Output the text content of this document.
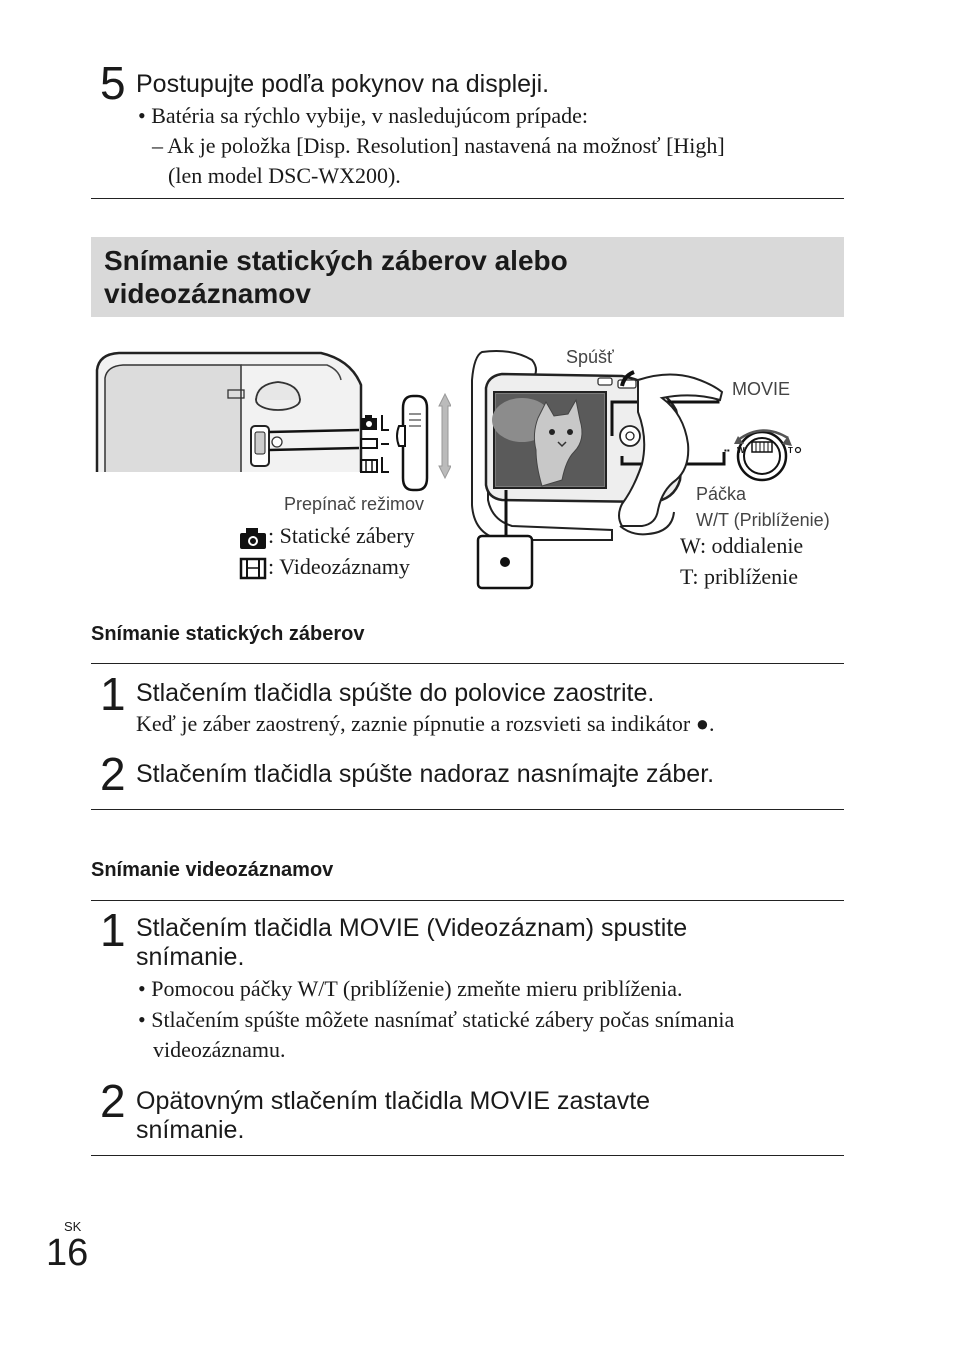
5 Postupujte podľa pokynov na displeji.
• Batéria sa rýchlo vybije, v nasledujúcom prípade:
– Ak je položka [Disp. Resolution] nastavená na možnosť [High]
(len model DSC-WX200).
Snímanie statických záberov alebo
videozáznamov
Prepínač režimov
: Statické zábery
: Videozáznamy
▪▪ W	T
Spúšť
MOVIE
Páčka
W/T (Priblíženie)
W: oddialenie
T: priblíženie
Snímanie statických záberov
1 Stlačením tlačidla spúšte do polovice zaostrite.
Keď je záber zaostrený, zaznie pípnutie a rozsvieti sa indikátor ●.
2 Stlačením tlačidla spúšte nadoraz nasnímajte záber.
Snímanie videozáznamov
1 Stlačením tlačidla MOVIE (Videozáznam) spustite
snímanie.
• Pomocou páčky W/T (priblíženie) zmeňte mieru priblíženia.
• Stlačením spúšte môžete nasnímať statické zábery počas snímania
videozáznamu.
2 Opätovným stlačením tlačidla MOVIE zastavte
snímanie.
SK
16
